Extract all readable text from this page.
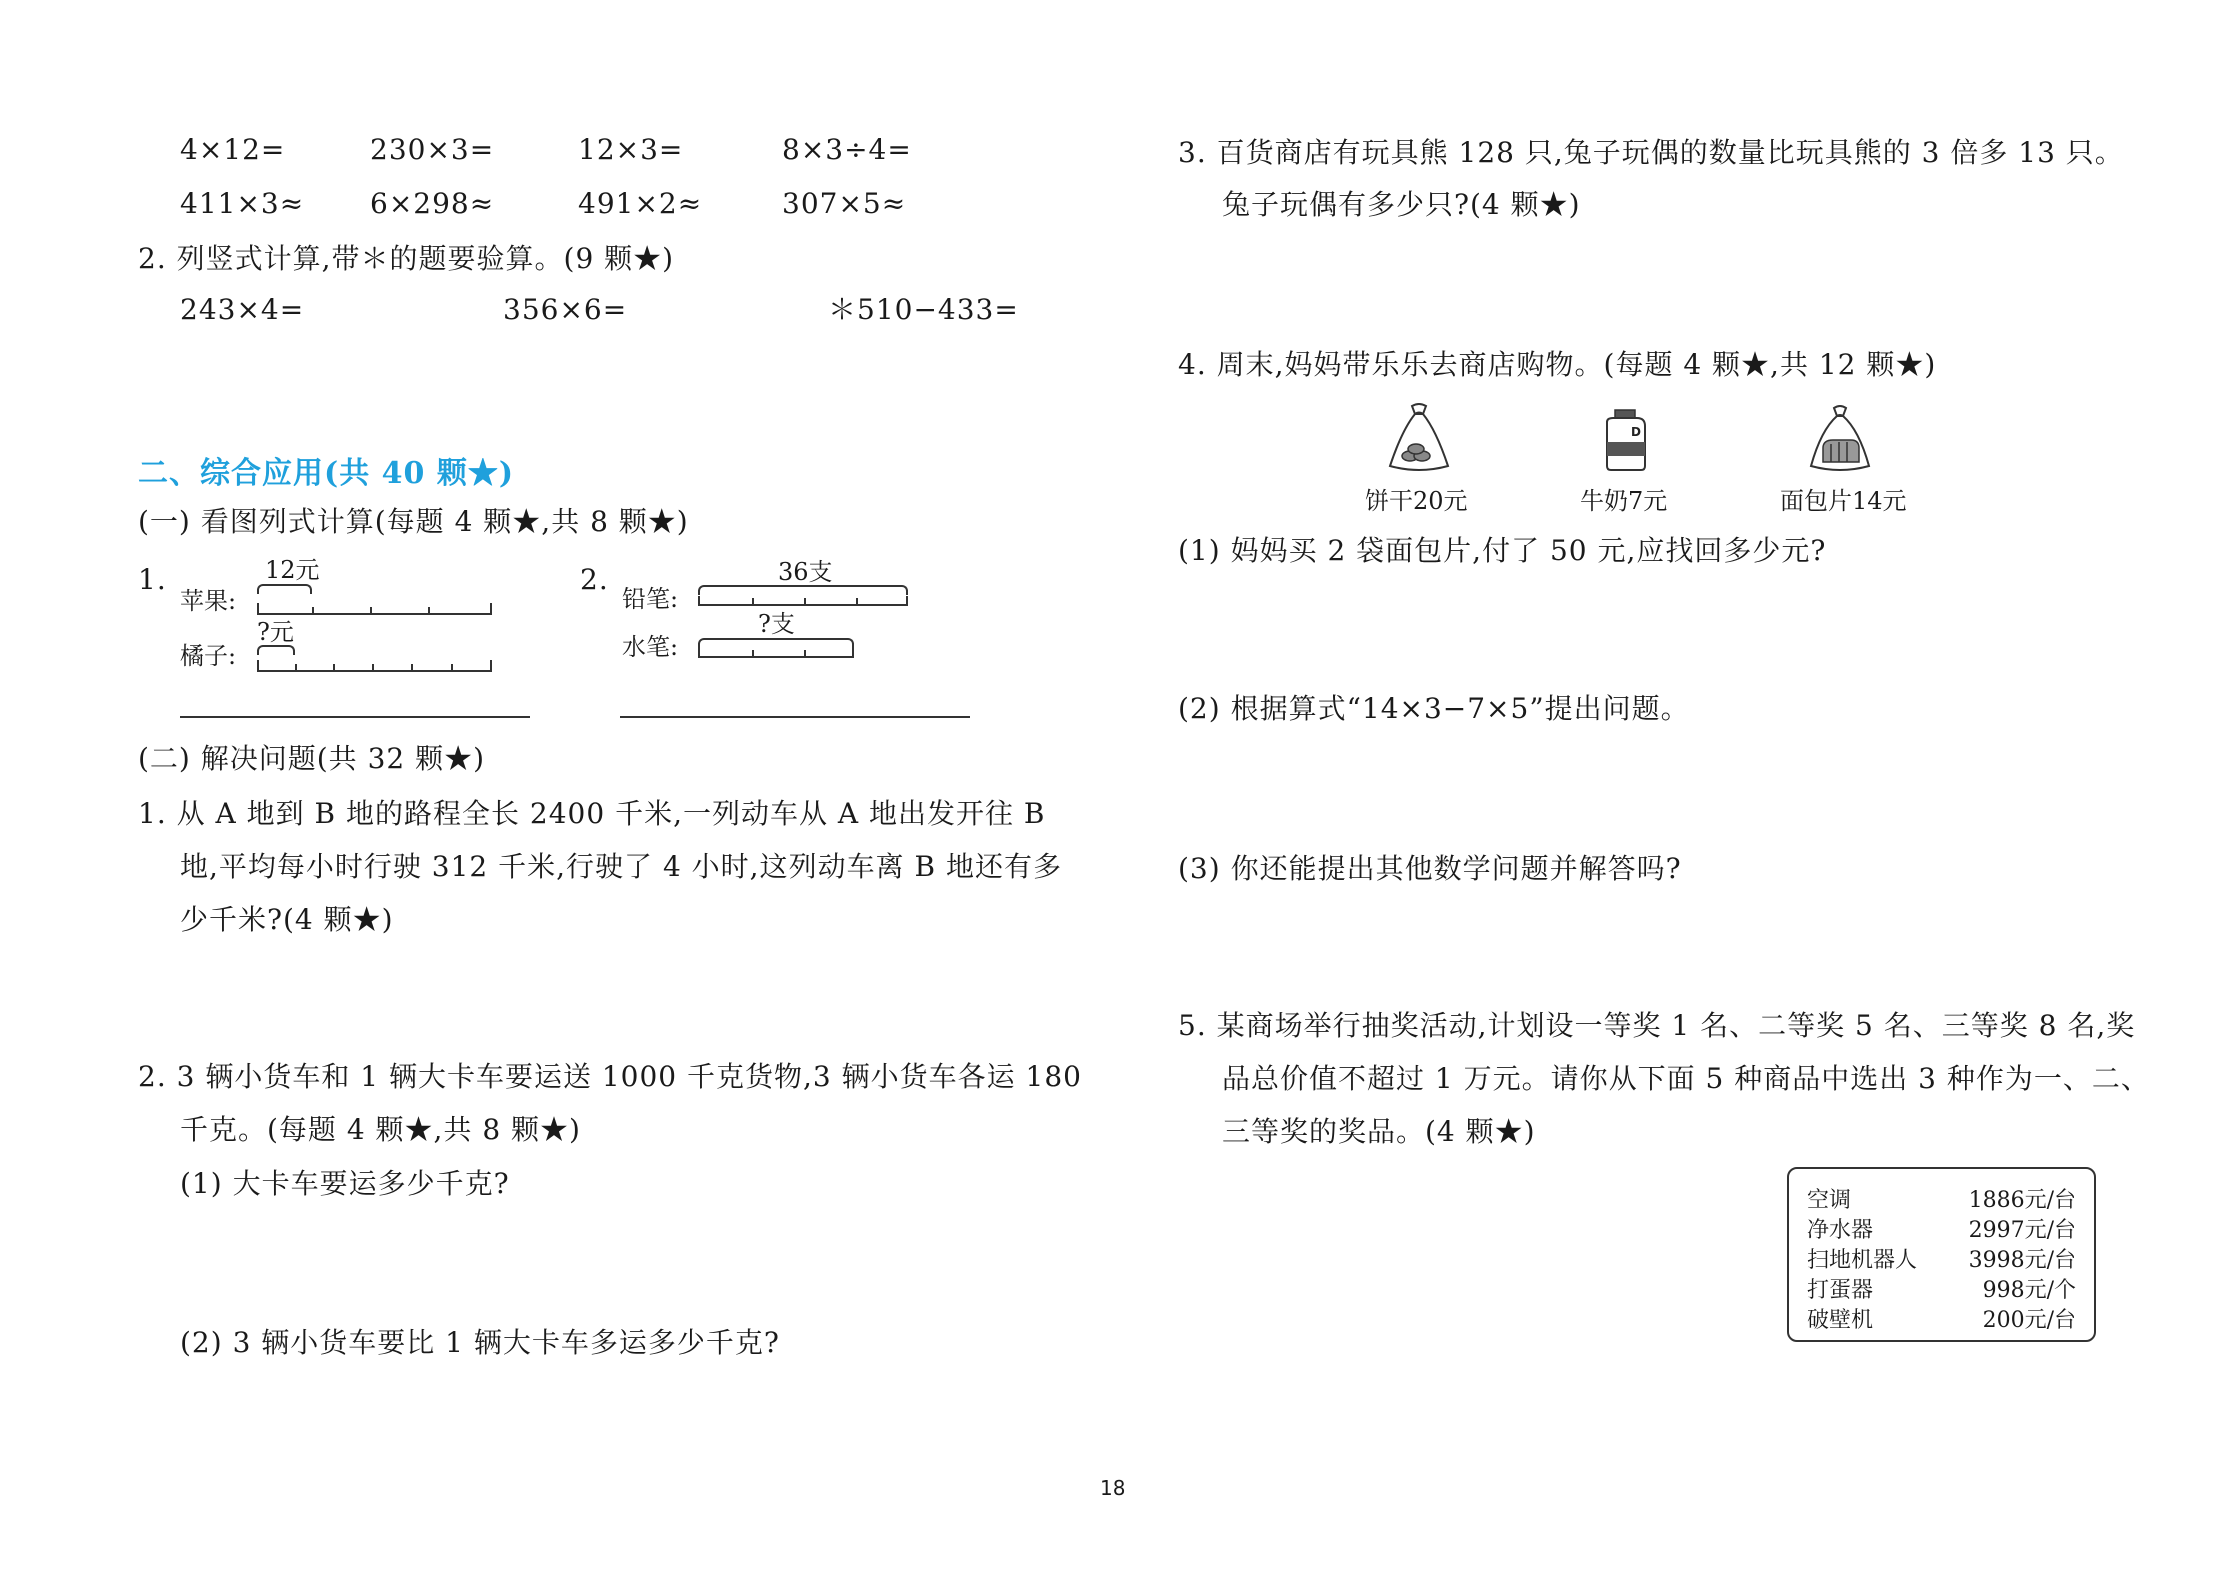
4×12=	230×3=	12×3=	8×3÷4=
411×3≈ 6×298≈	491×2≈	307×5≈
2. 列竖式计算,带＊的题要验算。(9 颗★)
243×4=	356×6=	＊510−433=
二、综合应用(共 40 颗★)
(一) 看图列式计算(每题 4 颗★,共 8 颗★)
1.	12元
苹果:
?元
橘子:
2.	36支
铅笔:
?支
水笔:
(二) 解决问题(共 32 颗★)
1. 从 A 地到 B 地的路程全长 2400 千米,一列动车从 A 地出发开往 B
地,平均每小时行驶 312 千米,行驶了 4 小时,这列动车离 B 地还有多
少千米?(4 颗★)
2. 3 辆小货车和 1 辆大卡车要运送 1000 千克货物,3 辆小货车各运 180
千克。(每题 4 颗★,共 8 颗★)
(1) 大卡车要运多少千克?
(2) 3 辆小货车要比 1 辆大卡车多运多少千克?
3. 百货商店有玩具熊 128 只,兔子玩偶的数量比玩具熊的 3 倍多 13 只。
兔子玩偶有多少只?(4 颗★)
4. 周末,妈妈带乐乐去商店购物。(每题 4 颗★,共 12 颗★)
D
饼干20元	牛奶7元	面包片14元
(1) 妈妈买 2 袋面包片,付了 50 元,应找回多少元?
(2) 根据算式“14×3−7×5”提出问题。
(3) 你还能提出其他数学问题并解答吗?
5. 某商场举行抽奖活动,计划设一等奖 1 名、二等奖 5 名、三等奖 8 名,奖
品总价值不超过 1 万元。请你从下面 5 种商品中选出 3 种作为一、二、
三等奖的奖品。(4 颗★)
空调	1886元/台
净水器	2997元/台
扫地机器人 3998元/台
打蛋器	998元/个
破壁机	200元/台
18
